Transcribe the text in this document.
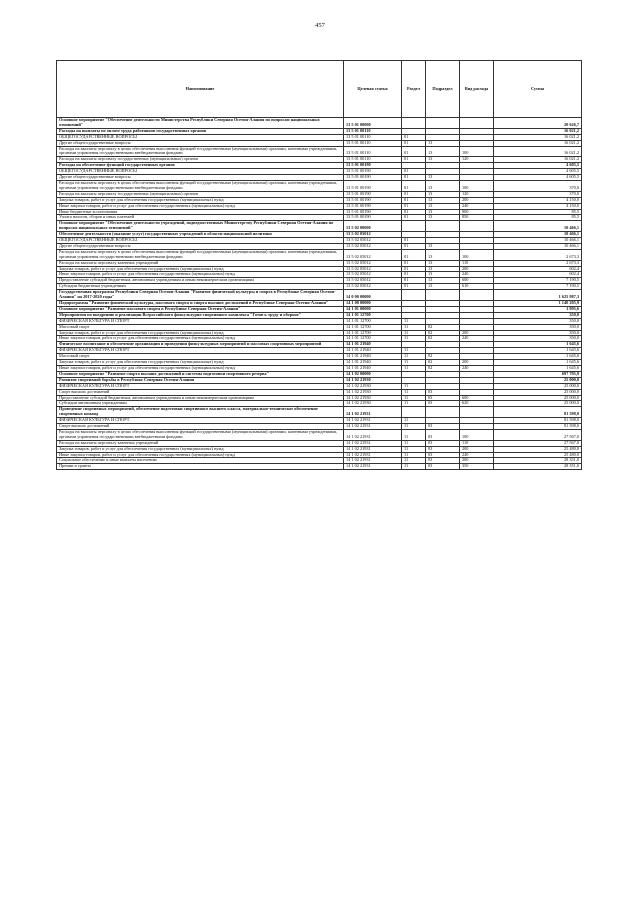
457
Наименование	Целевая статья	Раздел	Подраздел	Вид расхода	Сумма
Основное мероприятие "Обеспечение деятельности Министерства Республики Северная Осетия-Алания по вопросам национальных отношений"	13 5 01 00000				20 626,7
Расходы на выплаты по оплате труда работников государственных органов	13 5 01 00110				16 021,2
ОБЩЕГОСУДАРСТВЕННЫЕ ВОПРОСЫ	13 5 01 00110	01			16 021,2
Другие общегосударственные вопросы	13 5 01 00110	01	13		16 021,2
Расходы на выплаты персоналу в целях обеспечения выполнения функций государственными (муниципальными) органами, казенными учреждениями, органами управления государственными внебюджетными фондами	13 5 01 00110	01	13	100	16 021,2
Расходы на выплаты персоналу государственных (муниципальных) органов	13 5 01 00110	01	13	120	16 021,2
Расходы на обеспечение функций государственных органов	13 5 01 00190				4 605,5
ОБЩЕГОСУДАРСТВЕННЫЕ ВОПРОСЫ	13 5 01 00190	01			4 605,5
Другие общегосударственные вопросы	13 5 01 00190	01	13		4 605,5
Расходы на выплаты персоналу в целях обеспечения выполнения функций государственными (муниципальными) органами, казенными учреждениями, органами управления государственными внебюджетными фондами	13 5 01 00190	01	13	100	370,0
Расходы на выплаты персоналу государственных (муниципальных) органов	13 5 01 00190	01	13	120	370,0
Закупка товаров, работ и услуг для обеспечения государственных (муниципальных) нужд	13 5 01 00190	01	13	200	4 150,0
Иные закупки товаров, работ и услуг для обеспечения государственных (муниципальных) нужд	13 5 01 00190	01	13	240	4 150,0
Иные бюджетные ассигнования	13 5 01 00190	01	13	800	85,5
Уплата налогов, сборов и иных платежей	13 5 01 00190	01	13	850	85,5
Основное мероприятие "Обеспечение деятельности учреждений, подведомственных Министерству Республики Северная Осетия-Алания по вопросам национальных отношений"	13 5 02 00000				10 466,1
Обеспечение деятельности (оказание услуг) государственных учреждений в области национальной политики	13 5 02 05012				10 466,1
ОБЩЕГОСУДАРСТВЕННЫЕ ВОПРОСЫ	13 5 02 05012	01			10 466,1
Другие общегосударственные вопросы	13 5 02 05012	01	13		10 466,1
Расходы на выплаты персоналу в целях обеспечения выполнения функций государственными (муниципальными) органами, казенными учреждениями, органами управления государственными внебюджетными фондами	13 5 02 05012	01	13	100	2 673,3
Расходы на выплаты персоналу казенных учреждений	13 5 02 05012	01	13	110	2 673,3
Закупка товаров, работ и услуг для обеспечения государственных (муниципальных) нужд	13 5 02 05012	01	13	200	602,4
Иные закупки товаров, работ и услуг для обеспечения государственных (муниципальных) нужд	13 5 02 05012	01	13	240	602,4
Предоставление субсидий бюджетным, автономным учреждениям и иным некоммерческим организациям	13 5 02 05012	01	13	600	7 190,5
Субсидии бюджетным учреждениям	13 5 02 05012	01	13	610	7 190,5
Государственная программа Республики Северная Осетия-Алания "Развитие физической культуры и спорта в Республике Северная Осетия-Алания" на 2017-2020 годы"	14 0 00 00000				1 625 987,3
Подпрограмма "Развитие физической культуры, массового спорта и спорта высших достижений в Республике Северная Осетия-Алания"	14 1 00 00000				1 140 205,9
Основное мероприятие "Развитие массового спорта в Республике Северная Осетия-Алания"	14 1 01 00000				1 995,6
Мероприятия по внедрению и реализации Всероссийского физкультурно-спортивного комплекса "Готов к труду и обороне"	14 1 01 12700				350,0
ФИЗИЧЕСКАЯ КУЛЬТУРА И СПОРТ	14 1 01 12700	11			350,0
Массовый спорт	14 1 01 12700	11	02		350,0
Закупка товаров, работ и услуг для обеспечения государственных (муниципальных) нужд	14 1 01 12700	11	02	200	350,0
Иные закупки товаров, работ и услуг для обеспечения государственных (муниципальных) нужд	14 1 01 12700	11	02	240	350,0
Физическое воспитание и обеспечение организации и проведения физкультурных мероприятий и массовых спортивных мероприятий	14 1 01 21940				1 645,6
ФИЗИЧЕСКАЯ КУЛЬТУРА И СПОРТ	14 1 01 21940	11			1 645,6
Массовый спорт	14 1 01 21940	11	02		1 645,6
Закупка товаров, работ и услуг для обеспечения государственных (муниципальных) нужд	14 1 01 21940	11	02	200	1 645,6
Иные закупки товаров, работ и услуг для обеспечения государственных (муниципальных) нужд	14 1 01 21940	11	02	240	1 645,6
Основное мероприятие "Развитие спорта высших достижений и системы подготовки спортивного резерва"	14 1 02 00000				697 795,9
Развитие спортивной борьбы в Республике Северная Осетия-Алания	14 1 02 21930				25 000,0
ФИЗИЧЕСКАЯ КУЛЬТУРА И СПОРТ	14 1 02 21930	11			25 000,0
Спорт высших достижений	14 1 02 21930	11	03		25 000,0
Предоставление субсидий бюджетным, автономным учреждениям и иным некоммерческим организациям	14 1 02 21930	11	03	600	25 000,0
Субсидии автономным учреждениям	14 1 02 21930	11	03	620	25 000,0
Проведение спортивных мероприятий, обеспечение подготовки спортивного высшего класса, материально-техническое обеспечение спортивных команд	14 1 02 21931				81 398,0
ФИЗИЧЕСКАЯ КУЛЬТУРА И СПОРТ	14 1 02 21931	11			81 398,0
Спорт высших достижений	14 1 02 21931	11	03		81 398,0
Расходы на выплаты персоналу в целях обеспечения выполнения функций государственными (муниципальными) органами, казенными учреждениями, органами управления государственными внебюджетными фондами	14 1 02 21931	11	03	100	27 567,0
Расходы на выплаты персоналу казенных учреждений	14 1 02 21931	11	03	110	27 567,0
Закупка товаров, работ и услуг для обеспечения государственных (муниципальных) нужд	14 1 02 21931	11	03	200	25 480,0
Иные закупки товаров, работ и услуг для обеспечения государственных (муниципальных) нужд	14 1 02 21931	11	03	240	25 480,0
Социальное обеспечение и иные выплаты населению	14 1 02 21931	11	03	300	28 351,0
Премии и гранты	14 1 02 21931	11	03	350	28 351,0
